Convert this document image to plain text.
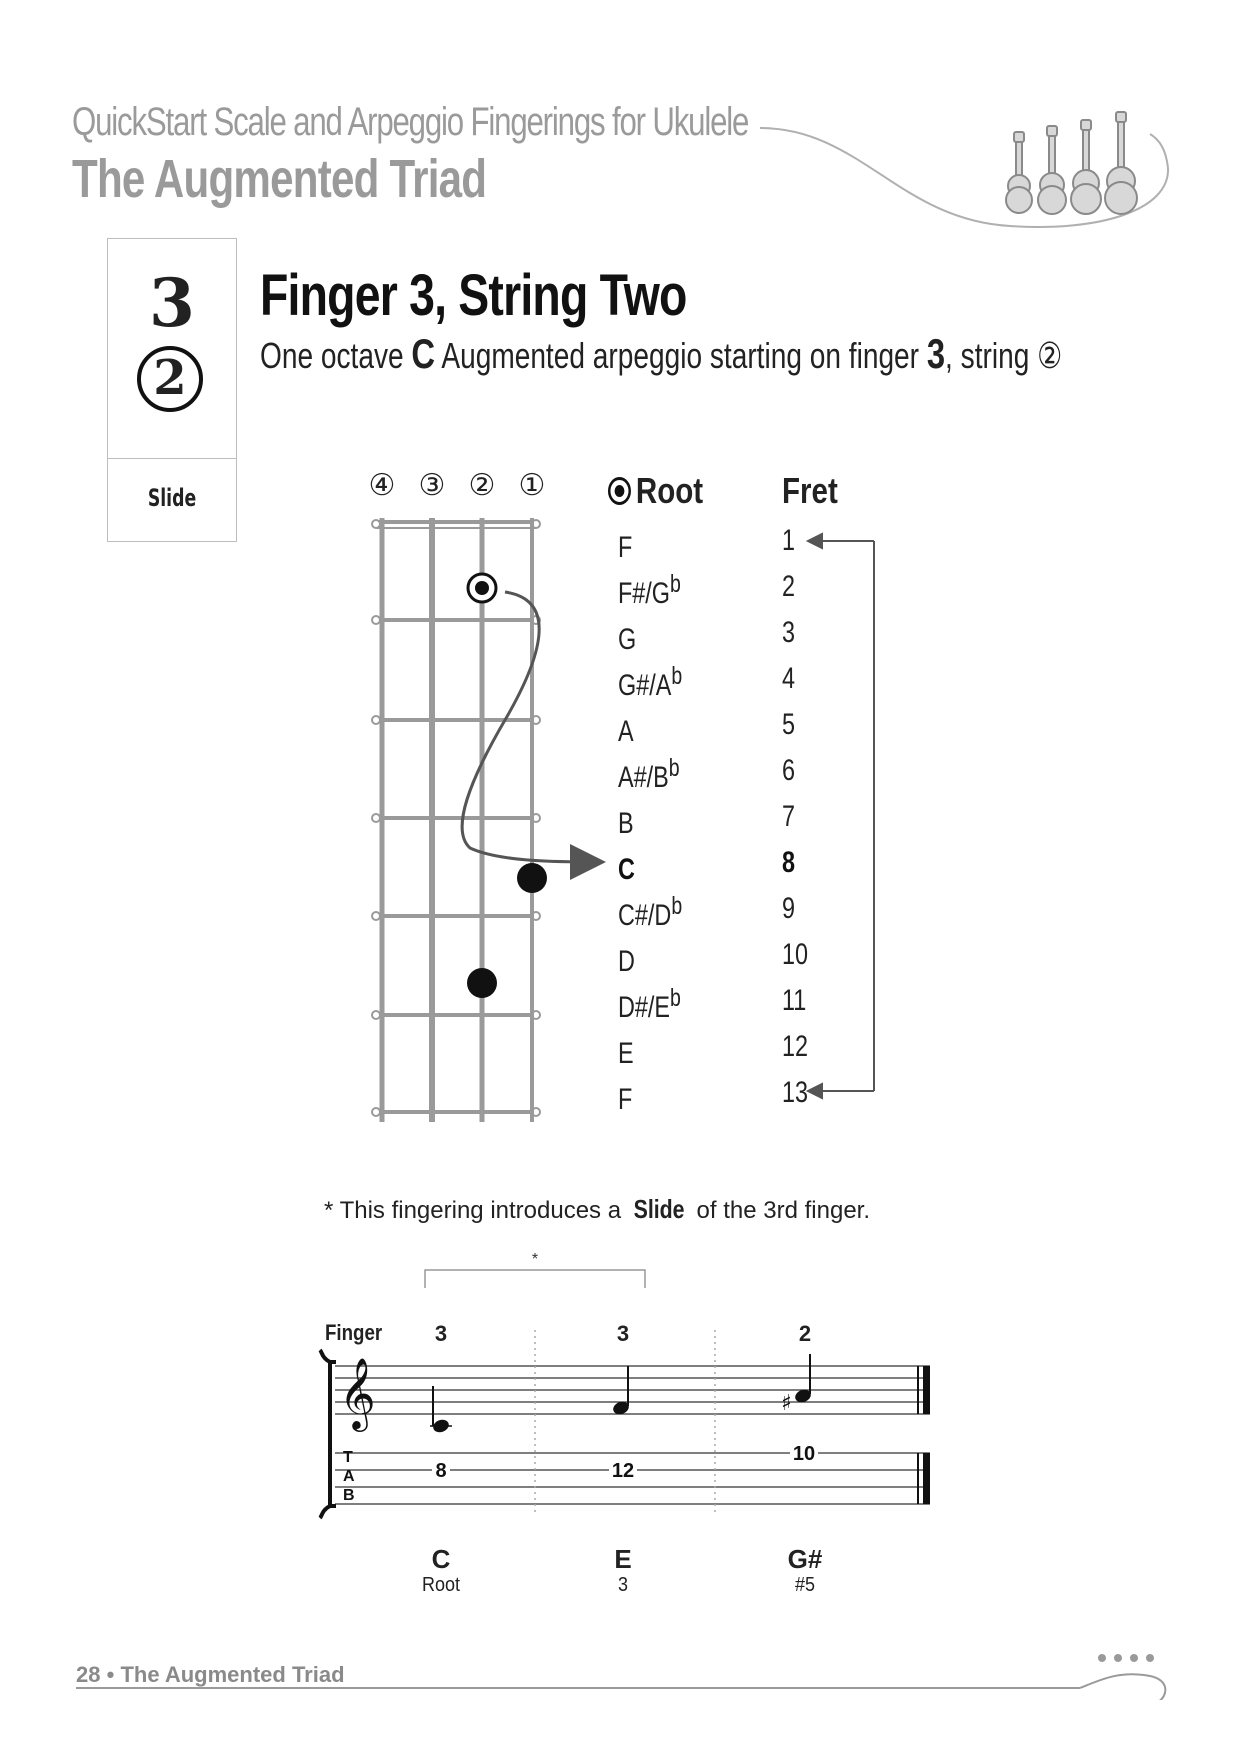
QuickStart Scale and Arpeggio Fingerings for Ukulele
The Augmented Triad
3
2
Slide
Finger 3, String Two
One octave C Augmented arpeggio starting on finger 3, string ②
④ ③ ② ①	Root Fret
F	1
$F\#/G^b$	2
G	3
$G\#/A^b$	4
A	5
$A\#/B^b$	6
B	7
C	8
$C\#/D^b$	9
D	10
$D\#/E^b$	11
E	12
F	13
* This fingering introduces a Slide of the 3rd finger.
𝄞	♯
T
A
B
8	12
10
*
Finger	3	3	2
C
Root
E
3
G#
#5
28 • The Augmented Triad
